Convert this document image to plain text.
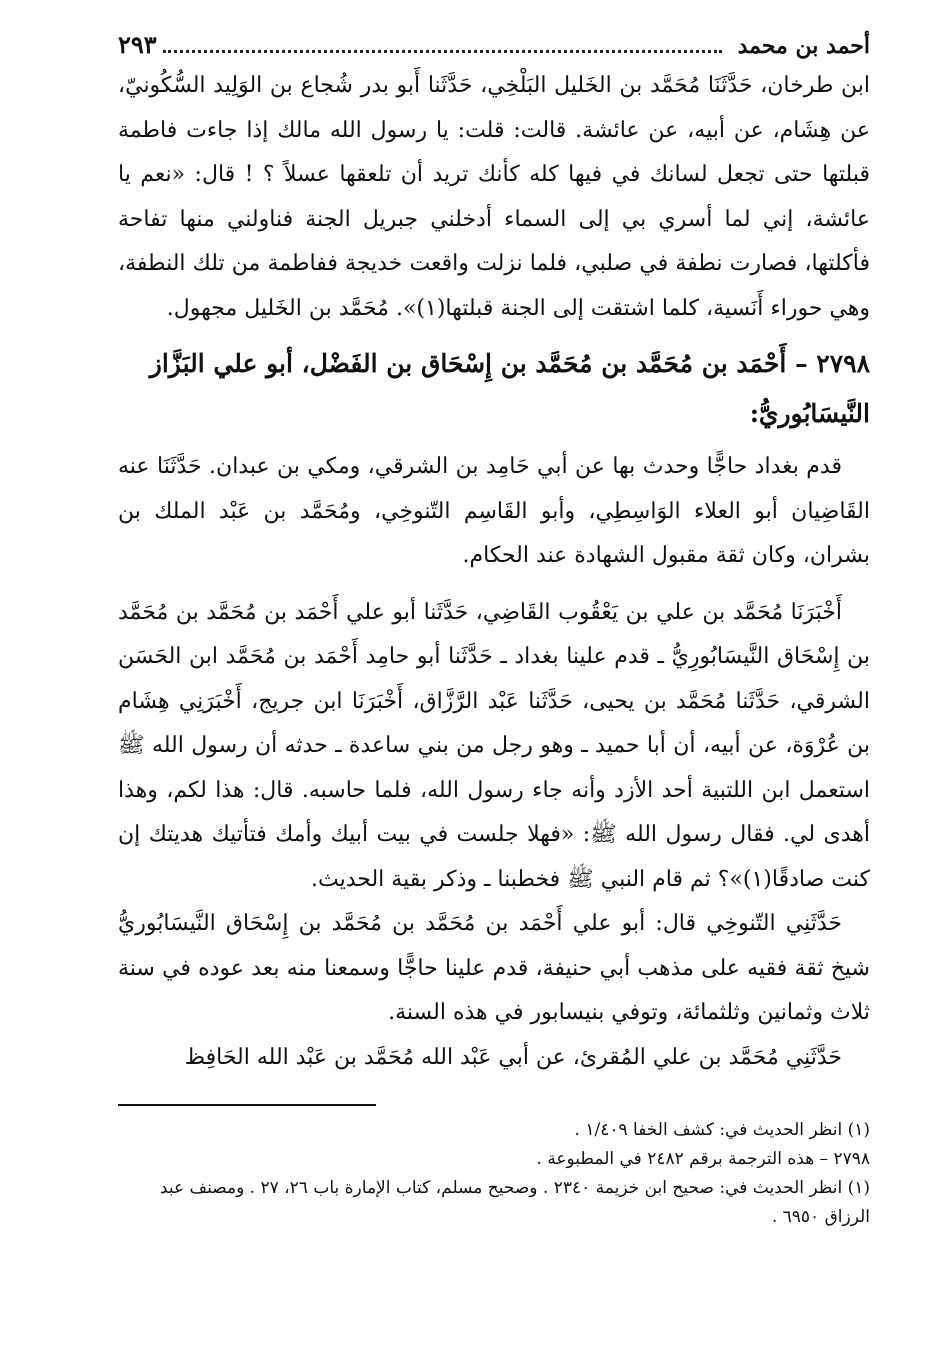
أحمد بن محمد
٢٩٣

ابن طرخان، حَدَّثَنَا مُحَمَّد بن الخَليل البَلْخِي، حَدَّثَنا أَبو بدر شُجاع بن الوَلِيد السُّكُونيّ، عن هِشَام، عن أبيه، عن عائشة. قالت: قلت: يا رسول الله مالك إذا جاءت فاطمة قبلتها حتى تجعل لسانك في فيها كله كأنك تريد أن تلعقها عسلاً ؟ ! قال: «نعم يا عائشة، إني لما أسري بي إلى السماء أدخلني جبريل الجنة فناولني منها تفاحة فأكلتها، فصارت نطفة في صلبي، فلما نزلت واقعت خديجة ففاطمة من تلك النطفة، وهي حوراء أَنَسية، كلما اشتقت إلى الجنة قبلتها(١)». مُحَمَّد بن الخَليل مجهول.

٢٧٩٨ – أَحْمَد بن مُحَمَّد بن مُحَمَّد بن إِسْحَاق بن الفَضْل، أبو علي البَزَّاز النَّيسَابُوريُّ:

قدم بغداد حاجًّا وحدث بها عن أبي حَامِد بن الشرقي، ومكي بن عبدان. حَدَّثَنَا عنه القَاضِيان أبو العلاء الوَاسِطِي، وأبو القَاسِم التّنوخِي، ومُحَمَّد بن عَبْد الملك بن بشران، وكان ثقة مقبول الشهادة عند الحكام.

أَخْبَرَنَا مُحَمَّد بن علي بن يَعْقُوب القَاضِي، حَدَّثَنا أبو علي أَحْمَد بن مُحَمَّد بن مُحَمَّد بن إِسْحَاق النَّيسَابُورِيُّ ـ قدم علينا بغداد ـ حَدَّثَنا أبو حامِد أَحْمَد بن مُحَمَّد ابن الحَسَن الشرقي، حَدَّثَنا مُحَمَّد بن يحيى، حَدَّثَنا عَبْد الرَّزَّاق، أَخْبَرَنَا ابن جريج، أَخْبَرَنِي هِشَام بن عُرْوَة، عن أبيه، أن أبا حميد ـ وهو رجل من بني ساعدة ـ حدثه أن رسول الله ﷺ استعمل ابن اللتبية أحد الأزد وأنه جاء رسول الله، فلما حاسبه. قال: هذا لكم، وهذا أهدى لي. فقال رسول الله ﷺ: «فهلا جلست في بيت أبيك وأمك فتأتيك هديتك إن كنت صادقًا(١)»؟ ثم قام النبي ﷺ فخطبنا ـ وذكر بقية الحديث.

حَدَّثَنِي التّنوخِي قال: أبو علي أَحْمَد بن مُحَمَّد بن مُحَمَّد بن إِسْحَاق النَّيسَابُوريُّ شيخ ثقة فقيه على مذهب أبي حنيفة، قدم علينا حاجًّا وسمعنا منه بعد عوده في سنة ثلاث وثمانين وثلثمائة، وتوفي بنيسابور في هذه السنة.

حَدَّثَنِي مُحَمَّد بن علي المُقرئ، عن أبي عَبْد الله مُحَمَّد بن عَبْد الله الحَافِظ

(١) انظر الحديث في: كشف الخفا ١/٤٠٩ .
٢٧٩٨ – هذه الترجمة برقم ٢٤٨٢ في المطبوعة .
(١) انظر الحديث في: صحيح ابن خزيمة ٢٣٤٠ . وصحيح مسلم، كتاب الإمارة باب ٢٦، ٢٧ . ومصنف عبد الرزاق ٦٩٥٠ .
